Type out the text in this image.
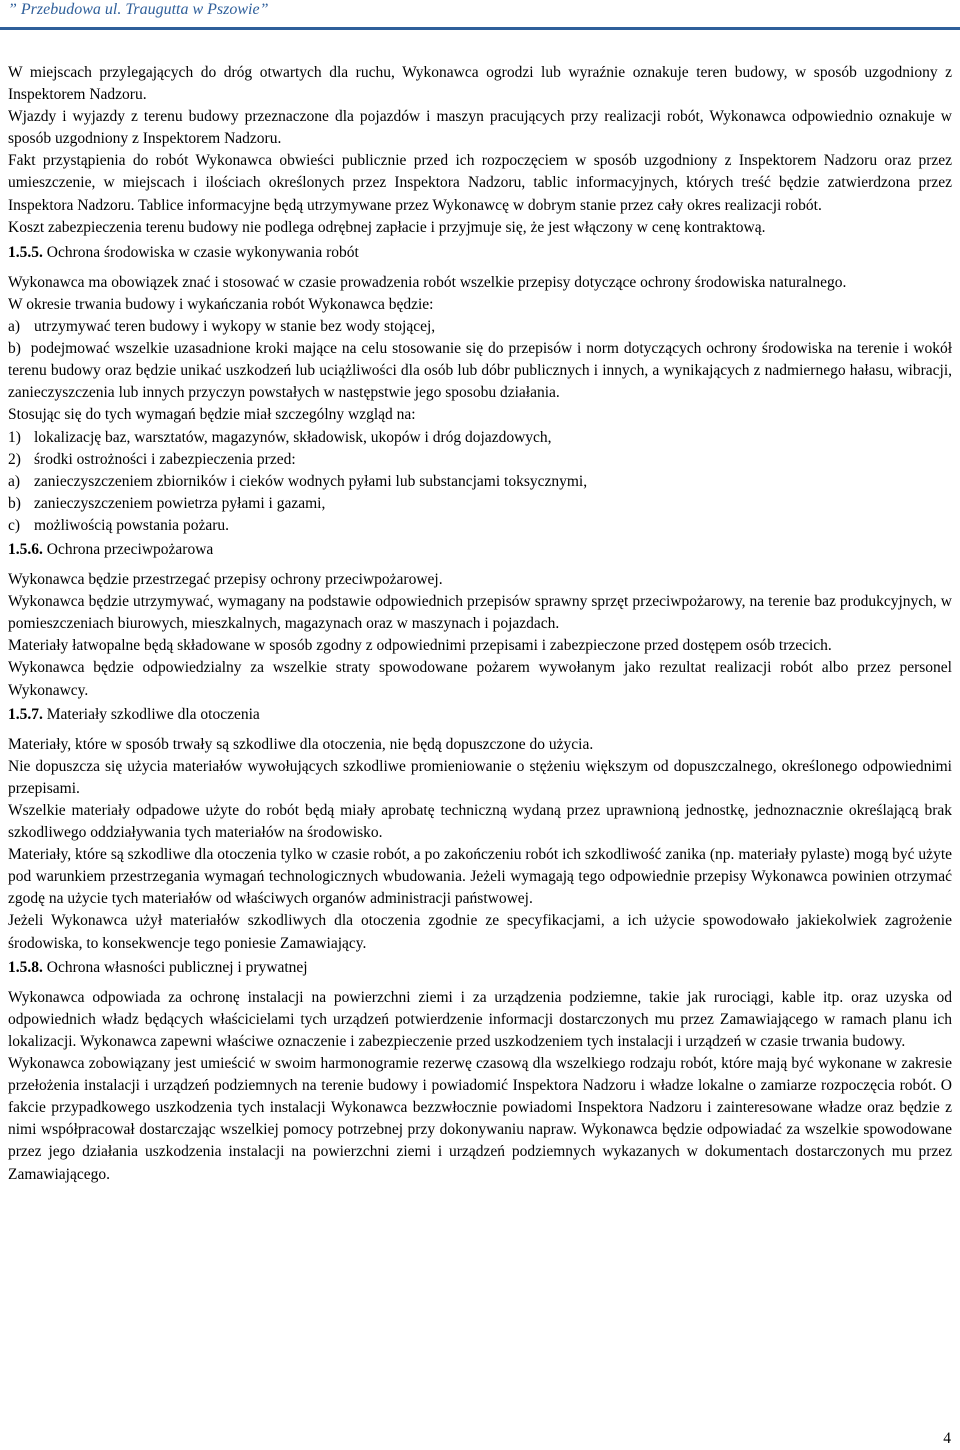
” Przebudowa ul. Traugutta w Pszowie”

W miejscach przylegających do dróg otwartych dla ruchu, Wykonawca ogrodzi lub wyraźnie oznakuje teren budowy, w sposób uzgodniony z Inspektorem Nadzoru.

Wjazdy i wyjazdy z terenu budowy przeznaczone dla pojazdów i maszyn pracujących przy realizacji robót, Wykonawca odpowiednio oznakuje w sposób uzgodniony z Inspektorem Nadzoru.

Fakt przystąpienia do robót Wykonawca obwieści publicznie przed ich rozpoczęciem w sposób uzgodniony z Inspektorem Nadzoru oraz przez umieszczenie, w miejscach i ilościach określonych przez Inspektora Nadzoru, tablic informacyjnych, których treść będzie zatwierdzona przez Inspektora Nadzoru. Tablice informacyjne będą utrzymywane przez Wykonawcę w dobrym stanie przez cały okres realizacji robót.

Koszt zabezpieczenia terenu budowy nie podlega odrębnej zapłacie i przyjmuje się, że jest włączony w cenę kontraktową.

1.5.5. Ochrona środowiska w czasie wykonywania robót

Wykonawca ma obowiązek znać i stosować w czasie prowadzenia robót wszelkie przepisy dotyczące ochrony środowiska naturalnego.

W okresie trwania budowy i wykańczania robót Wykonawca będzie:

a) utrzymywać teren budowy i wykopy w stanie bez wody stojącej,

b) podejmować wszelkie uzasadnione kroki mające na celu stosowanie się do przepisów i norm dotyczących ochrony środowiska na terenie i wokół terenu budowy oraz będzie unikać uszkodzeń lub uciążliwości dla osób lub dóbr publicznych i innych, a wynikających z nadmiernego hałasu, wibracji, zanieczyszczenia lub innych przyczyn powstałych w następstwie jego sposobu działania.

Stosując się do tych wymagań będzie miał szczególny wzgląd na:

1) lokalizację baz, warsztatów, magazynów, składowisk, ukopów i dróg dojazdowych,
2) środki ostrożności i zabezpieczenia przed:
a) zanieczyszczeniem zbiorników i cieków wodnych pyłami lub substancjami toksycznymi,
b) zanieczyszczeniem powietrza pyłami i gazami,
c) możliwością powstania pożaru.

1.5.6. Ochrona przeciwpożarowa

Wykonawca będzie przestrzegać przepisy ochrony przeciwpożarowej.

Wykonawca będzie utrzymywać, wymagany na podstawie odpowiednich przepisów sprawny sprzęt przeciwpożarowy, na terenie baz produkcyjnych, w pomieszczeniach biurowych, mieszkalnych, magazynach oraz w maszynach i pojazdach.

Materiały łatwopalne będą składowane w sposób zgodny z odpowiednimi przepisami i zabezpieczone przed dostępem osób trzecich.

Wykonawca będzie odpowiedzialny za wszelkie straty spowodowane pożarem wywołanym jako rezultat realizacji robót albo przez personel Wykonawcy.

1.5.7. Materiały szkodliwe dla otoczenia

Materiały, które w sposób trwały są szkodliwe dla otoczenia, nie będą dopuszczone do użycia.

Nie dopuszcza się użycia materiałów wywołujących szkodliwe promieniowanie o stężeniu większym od dopuszczalnego, określonego odpowiednimi przepisami.

Wszelkie materiały odpadowe użyte do robót będą miały aprobatę techniczną wydaną przez uprawnioną jednostkę, jednoznacznie określającą brak szkodliwego oddziaływania tych materiałów na środowisko.

Materiały, które są szkodliwe dla otoczenia tylko w czasie robót, a po zakończeniu robót ich szkodliwość zanika (np. materiały pylaste) mogą być użyte pod warunkiem przestrzegania wymagań technologicznych wbudowania. Jeżeli wymagają tego odpowiednie przepisy Wykonawca powinien otrzymać zgodę na użycie tych materiałów od właściwych organów administracji państwowej.

Jeżeli Wykonawca użył materiałów szkodliwych dla otoczenia zgodnie ze specyfikacjami, a ich użycie spowodowało jakiekolwiek zagrożenie środowiska, to konsekwencje tego poniesie Zamawiający.

1.5.8. Ochrona własności publicznej i prywatnej

Wykonawca odpowiada za ochronę instalacji na powierzchni ziemi i za urządzenia podziemne, takie jak rurociągi, kable itp. oraz uzyska od odpowiednich władz będących właścicielami tych urządzeń potwierdzenie informacji dostarczonych mu przez Zamawiającego w ramach planu ich lokalizacji. Wykonawca zapewni właściwe oznaczenie i zabezpieczenie przed uszkodzeniem tych instalacji i urządzeń w czasie trwania budowy.

Wykonawca zobowiązany jest umieścić w swoim harmonogramie rezerwę czasową dla wszelkiego rodzaju robót, które mają być wykonane w zakresie przełożenia instalacji i urządzeń podziemnych na terenie budowy i powiadomić Inspektora Nadzoru i władze lokalne o zamiarze rozpoczęcia robót. O fakcie przypadkowego uszkodzenia tych instalacji Wykonawca bezzwłocznie powiadomi Inspektora Nadzoru i zainteresowane władze oraz będzie z nimi współpracował dostarczając wszelkiej pomocy potrzebnej przy dokonywaniu napraw. Wykonawca będzie odpowiadać za wszelkie spowodowane przez jego działania uszkodzenia instalacji na powierzchni ziemi i urządzeń podziemnych wykazanych w dokumentach dostarczonych mu przez Zamawiającego.

4
